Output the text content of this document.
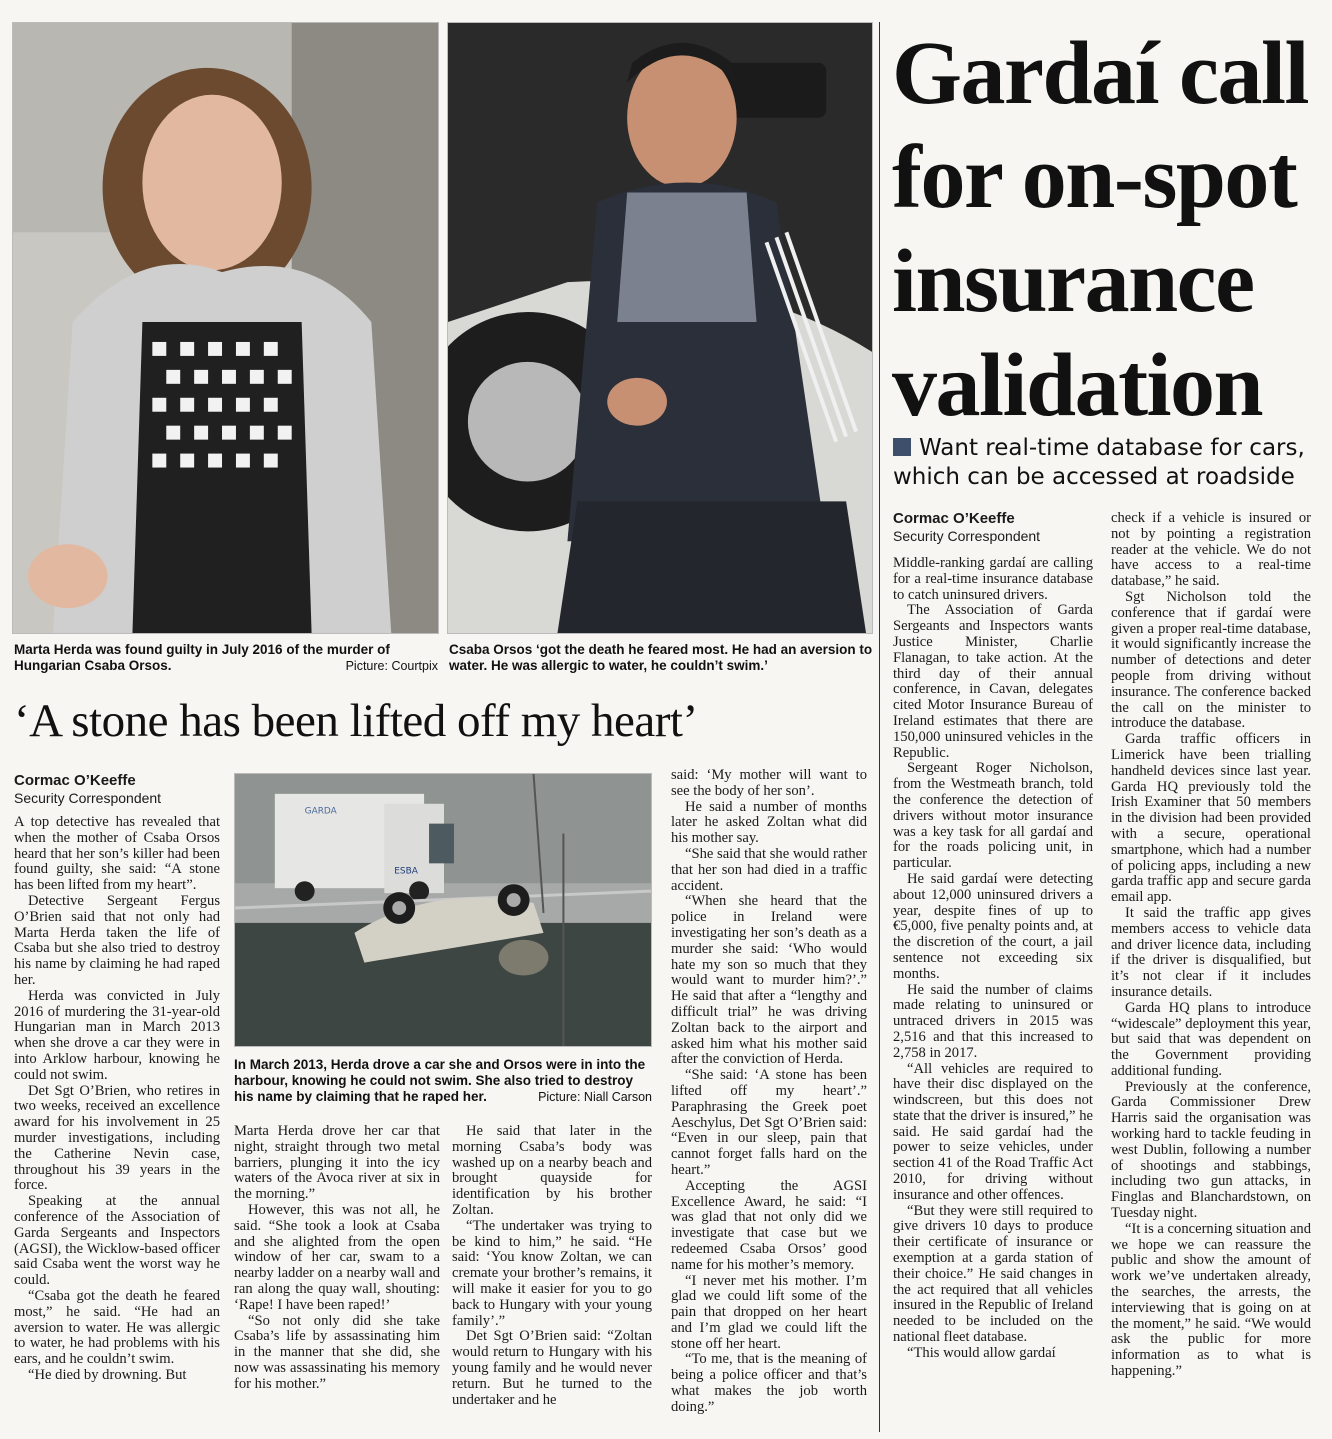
Marta Herda was found guilty in July 2016 of the murder of Hungarian Csaba Orsos.	Picture: Courtpix
Csaba Orsos ‘got the death he feared most. He had an aversion to water. He was allergic to water, he couldn’t swim.’
‘A stone has been lifted off my heart’
Cormac O’Keeffe
Security Correspondent
GARDA
ESBA
In March 2013, Herda drove a car she and Orsos were in into the harbour, knowing he could not swim. She also tried to destroy his name by claiming that he raped her.	Picture: Niall Carson

A top detective has revealed that when the mother of Csaba Orsos heard that her son’s killer had been found guilty, she said: “A stone has been lifted from my heart”.

Detective Sergeant Fergus O’Brien said that not only had Marta Herda taken the life of Csaba but she also tried to destroy his name by claiming he had raped her.

Herda was convicted in July 2016 of murdering the 31-year-old Hungarian man in March 2013 when she drove a car they were in into Arklow harbour, knowing he could not swim.

Det Sgt O’Brien, who retires in two weeks, received an excellence award for his involvement in 25 murder investigations, including the Catherine Nevin case, throughout his 39 years in the force.

Speaking at the annual conference of the Association of Garda Sergeants and Inspectors (AGSI), the Wicklow-based officer said Csaba went the worst way he could.

“Csaba got the death he feared most,” he said. “He had an aversion to water. He was allergic to water, he had problems with his ears, and he couldn’t swim.

“He died by drowning. But

Marta Herda drove her car that night, straight through two metal barriers, plunging it into the icy waters of the Avoca river at six in the morning.”

However, this was not all, he said. “She took a look at Csaba and she alighted from the open window of her car, swam to a nearby ladder on a nearby wall and ran along the quay wall, shouting: ‘Rape! I have been raped!’

“So not only did she take Csaba’s life by assassinating him in the manner that she did, she now was assassinating his memory for his mother.”

He said that later in the morning Csaba’s body was washed up on a nearby beach and brought quayside for identification by his brother Zoltan.

“The undertaker was trying to be kind to him,” he said. “He said: ‘You know Zoltan, we can cremate your brother’s remains, it will make it easier for you to go back to Hungary with your young family’.”

Det Sgt O’Brien said: “Zoltan would return to Hungary with his young family and he would never return. But he turned to the undertaker and he

said: ‘My mother will want to see the body of her son’.

He said a number of months later he asked Zoltan what did his mother say.

“She said that she would rather that her son had died in a traffic accident.

“When she heard that the police in Ireland were investigating her son’s death as a murder she said: ‘Who would hate my son so much that they would want to murder him?’.” He said that after a “lengthy and difficult trial” he was driving Zoltan back to the airport and asked him what his mother said after the conviction of Herda.

“She said: ‘A stone has been lifted off my heart’.” Paraphrasing the Greek poet Aeschylus, Det Sgt O’Brien said: “Even in our sleep, pain that cannot forget falls hard on the heart.”

Accepting the AGSI Excellence Award, he said: “I was glad that not only did we investigate that case but we redeemed Csaba Orsos’ good name for his mother’s memory.

“I never met his mother. I’m glad we could lift some of the pain that dropped on her heart and I’m glad we could lift the stone off her heart.

“To me, that is the meaning of being a police officer and that’s what makes the job worth doing.”

Gardaí call
for on-spot
insurance
validation
Want real-time database for cars,
which can be accessed at roadside
Cormac O’Keeffe
Security Correspondent

Middle-ranking gardaí are calling for a real-time insurance database to catch uninsured drivers.

The Association of Garda Sergeants and Inspectors wants Justice Minister, Charlie Flanagan, to take action. At the third day of their annual conference, in Cavan, delegates cited Motor Insurance Bureau of Ireland estimates that there are 150,000 uninsured vehicles in the Republic.

Sergeant Roger Nicholson, from the Westmeath branch, told the conference the detection of drivers without motor insurance was a key task for all gardaí and for the roads policing unit, in particular.

He said gardaí were detecting about 12,000 uninsured drivers a year, despite fines of up to €5,000, five penalty points and, at the discretion of the court, a jail sentence not exceeding six months.

He said the number of claims made relating to uninsured or untraced drivers in 2015 was 2,516 and that this increased to 2,758 in 2017.

“All vehicles are required to have their disc displayed on the windscreen, but this does not state that the driver is insured,” he said. He said gardaí had the power to seize vehicles, under section 41 of the Road Traffic Act 2010, for driving without insurance and other offences.

“But they were still required to give drivers 10 days to produce their certificate of insurance or exemption at a garda station of their choice.” He said changes in the act required that all vehicles insured in the Republic of Ireland needed to be included on the national fleet database.

“This would allow gardaí

check if a vehicle is insured or not by pointing a registration reader at the vehicle. We do not have access to a real-time database,” he said.

Sgt Nicholson told the conference that if gardaí were given a proper real-time database, it would significantly increase the number of detections and deter people from driving without insurance. The conference backed the call on the minister to introduce the database.

Garda traffic officers in Limerick have been trialling handheld devices since last year. Garda HQ previously told the Irish Examiner that 50 members in the division had been provided with a secure, operational smartphone, which had a number of policing apps, including a new garda traffic app and secure garda email app.

It said the traffic app gives members access to vehicle data and driver licence data, including if the driver is disqualified, but it’s not clear if it includes insurance details.

Garda HQ plans to introduce “widescale” deployment this year, but said that was dependent on the Government providing additional funding.

Previously at the conference, Garda Commissioner Drew Harris said the organisation was working hard to tackle feuding in west Dublin, following a number of shootings and stabbings, including two gun attacks, in Finglas and Blanchardstown, on Tuesday night.

“It is a concerning situation and we hope we can reassure the public and show the amount of work we’ve undertaken already, the searches, the arrests, the interviewing that is going on at the moment,” he said. “We would ask the public for more information as to what is happening.”
